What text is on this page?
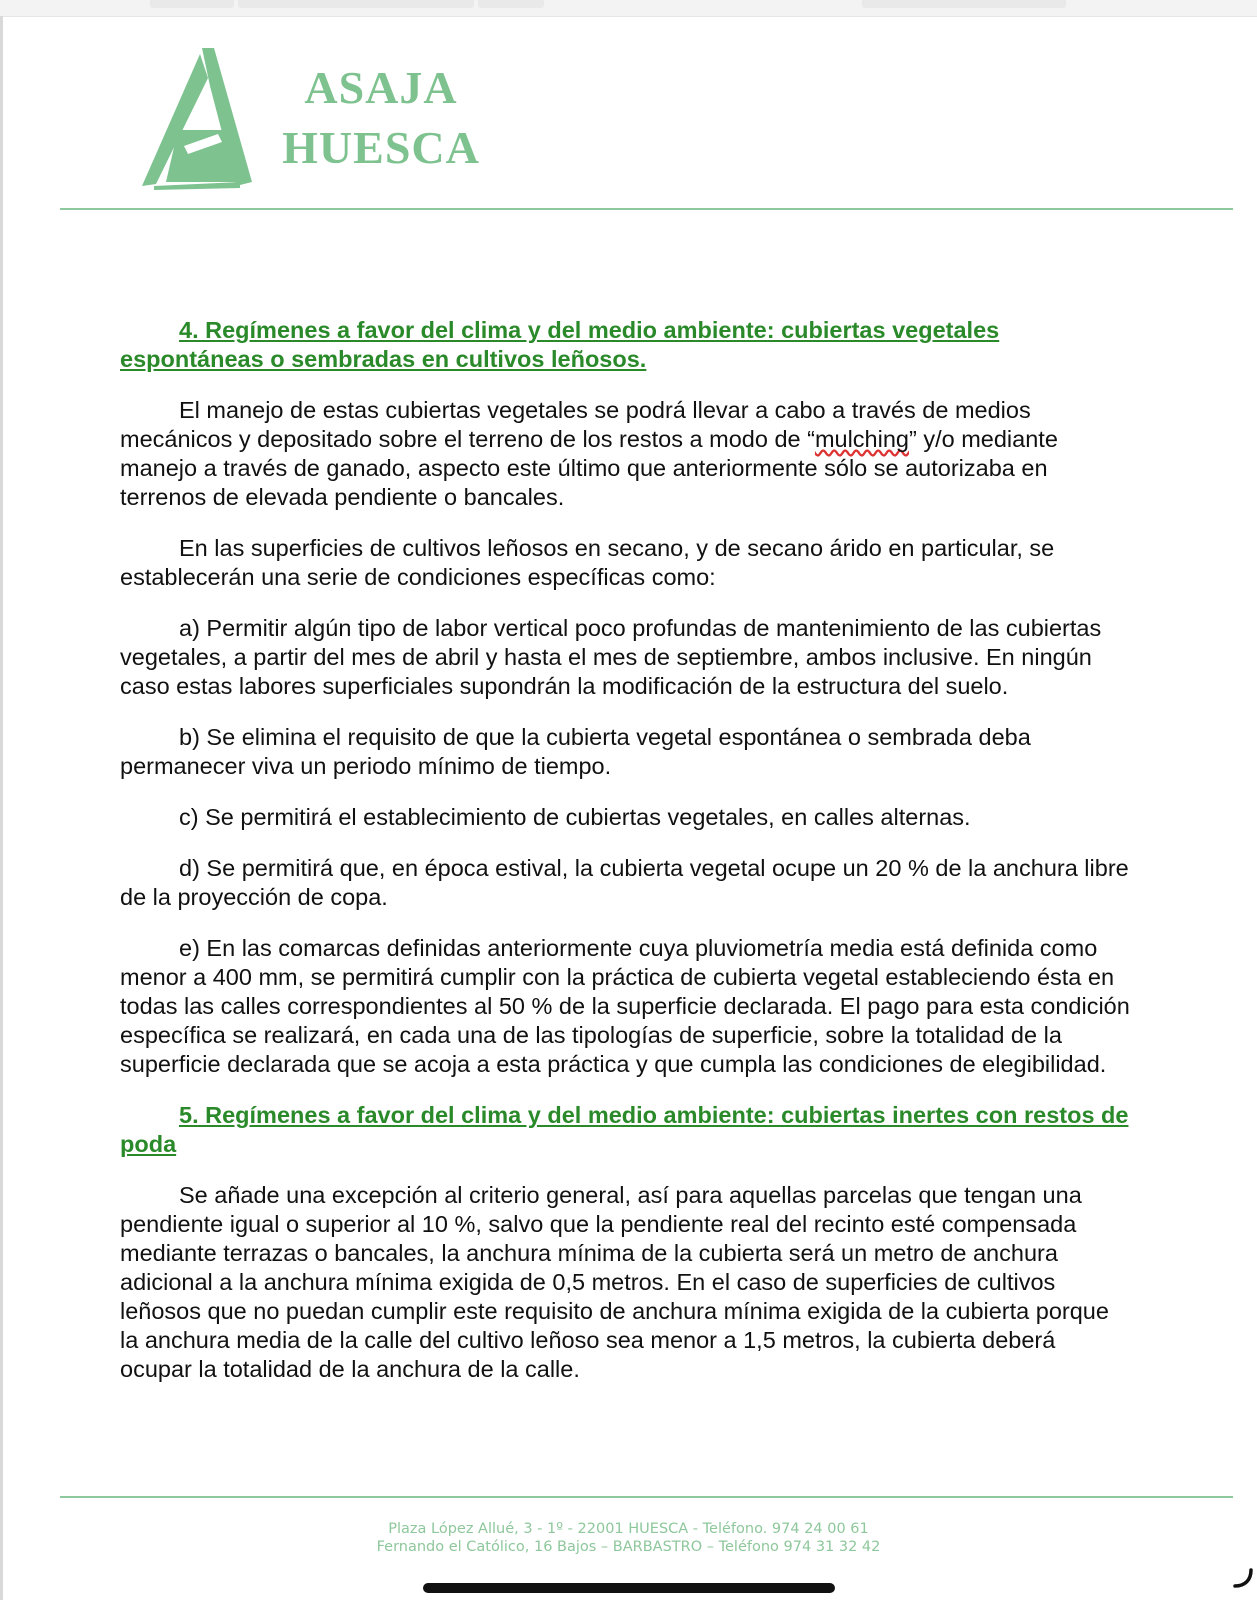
ASAJA
HUESCA
4. Regímenes a favor del clima y del medio ambiente: cubiertas vegetales espontáneas o sembradas en cultivos leñosos.

El manejo de estas cubiertas vegetales se podrá llevar a cabo a través de medios mecánicos y depositado sobre el terreno de los restos a modo de “mulching” y/o mediante manejo a través de ganado, aspecto este último que anteriormente sólo se autorizaba en terrenos de elevada pendiente o bancales.

En las superficies de cultivos leñosos en secano, y de secano árido en particular, se establecerán una serie de condiciones específicas como:

a) Permitir algún tipo de labor vertical poco profundas de mantenimiento de las cubiertas vegetales, a partir del mes de abril y hasta el mes de septiembre, ambos inclusive. En ningún caso estas labores superficiales supondrán la modificación de la estructura del suelo.

b) Se elimina el requisito de que la cubierta vegetal espontánea o sembrada deba permanecer viva un periodo mínimo de tiempo.

c) Se permitirá el establecimiento de cubiertas vegetales, en calles alternas.

d) Se permitirá que, en época estival, la cubierta vegetal ocupe un 20 % de la anchura libre de la proyección de copa.

e) En las comarcas definidas anteriormente cuya pluviometría media está definida como menor a 400 mm, se permitirá cumplir con la práctica de cubierta vegetal estableciendo ésta en todas las calles correspondientes al 50 % de la superficie declarada. El pago para esta condición específica se realizará, en cada una de las tipologías de superficie, sobre la totalidad de la superficie declarada que se acoja a esta práctica y que cumpla las condiciones de elegibilidad.

5. Regímenes a favor del clima y del medio ambiente: cubiertas inertes con restos de poda

Se añade una excepción al criterio general, así para aquellas parcelas que tengan una pendiente igual o superior al 10 %, salvo que la pendiente real del recinto esté compensada mediante terrazas o bancales, la anchura mínima de la cubierta será un metro de anchura adicional a la anchura mínima exigida de 0,5 metros. En el caso de superficies de cultivos leñosos que no puedan cumplir este requisito de anchura mínima exigida de la cubierta porque la anchura media de la calle del cultivo leñoso sea menor a 1,5 metros, la cubierta deberá ocupar la totalidad de la anchura de la calle.

Plaza López Allué, 3 - 1º - 22001 HUESCA - Teléfono. 974 24 00 61
Fernando el Católico, 16 Bajos – BARBASTRO – Teléfono 974 31 32 42
